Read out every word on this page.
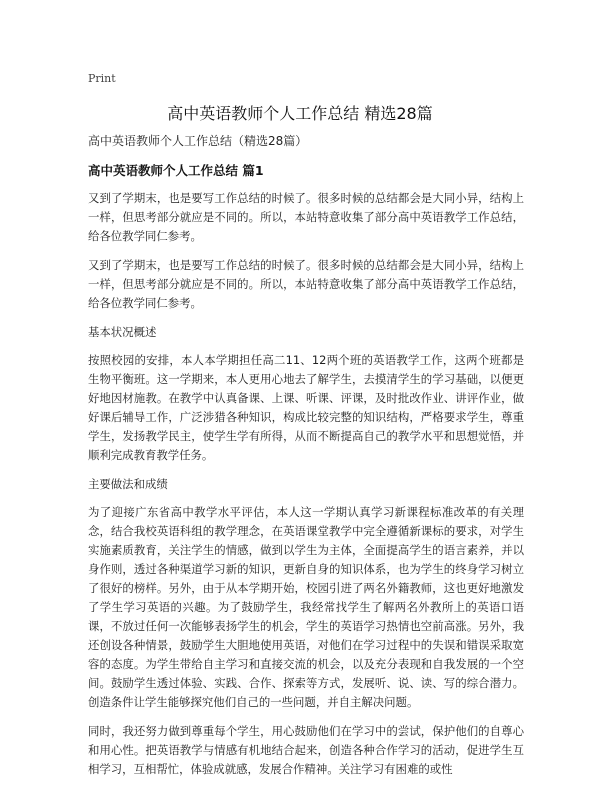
Print
高中英语教师个人工作总结 精选28篇
高中英语教师个人工作总结（精选28篇）
高中英语教师个人工作总结 篇1
又到了学期末，也是要写工作总结的时候了。很多时候的总结都会是大同小异，结构上一样，但思考部分就应是不同的。所以，本站特意收集了部分高中英语教学工作总结，给各位教学同仁参考。
又到了学期末，也是要写工作总结的时候了。很多时候的总结都会是大同小异，结构上一样，但思考部分就应是不同的。所以，本站特意收集了部分高中英语教学工作总结，给各位教学同仁参考。
基本状况概述
按照校园的安排，本人本学期担任高二11、12两个班的英语教学工作，这两个班都是生物平衡班。这一学期来，本人更用心地去了解学生，去摸清学生的学习基础，以便更好地因材施教。在教学中认真备课、上课、听课、评课，及时批改作业、讲评作业，做好课后辅导工作，广泛涉猎各种知识，构成比较完整的知识结构，严格要求学生，尊重学生，发扬教学民主，使学生学有所得，从而不断提高自己的教学水平和思想觉悟，并顺利完成教育教学任务。
主要做法和成绩
为了迎接广东省高中教学水平评估，本人这一学期认真学习新课程标准改革的有关理念，结合我校英语科组的教学理念，在英语课堂教学中完全遵循新课标的要求，对学生实施素质教育，关注学生的情感，做到以学生为主体，全面提高学生的语言素养，并以身作则，透过各种渠道学习新的知识，更新自身的知识体系，也为学生的终身学习树立了很好的榜样。另外，由于从本学期开始，校园引进了两名外籍教师，这也更好地激发了学生学习英语的兴趣。为了鼓励学生，我经常找学生了解两名外教所上的英语口语课，不放过任何一次能够表扬学生的机会，学生的英语学习热情也空前高涨。另外，我还创设各种情景，鼓励学生大胆地使用英语，对他们在学习过程中的失误和错误采取宽容的态度。为学生带给自主学习和直接交流的机会，以及充分表现和自我发展的一个空间。鼓励学生透过体验、实践、合作、探索等方式，发展听、说、读、写的综合潜力。创造条件让学生能够探究他们自己的一些问题，并自主解决问题。
同时，我还努力做到尊重每个学生，用心鼓励他们在学习中的尝试，保护他们的自尊心和用心性。把英语教学与情感有机地结合起来，创造各种合作学习的活动，促进学生互相学习，互相帮忙，体验成就感，发展合作精神。关注学习有困难的或性
